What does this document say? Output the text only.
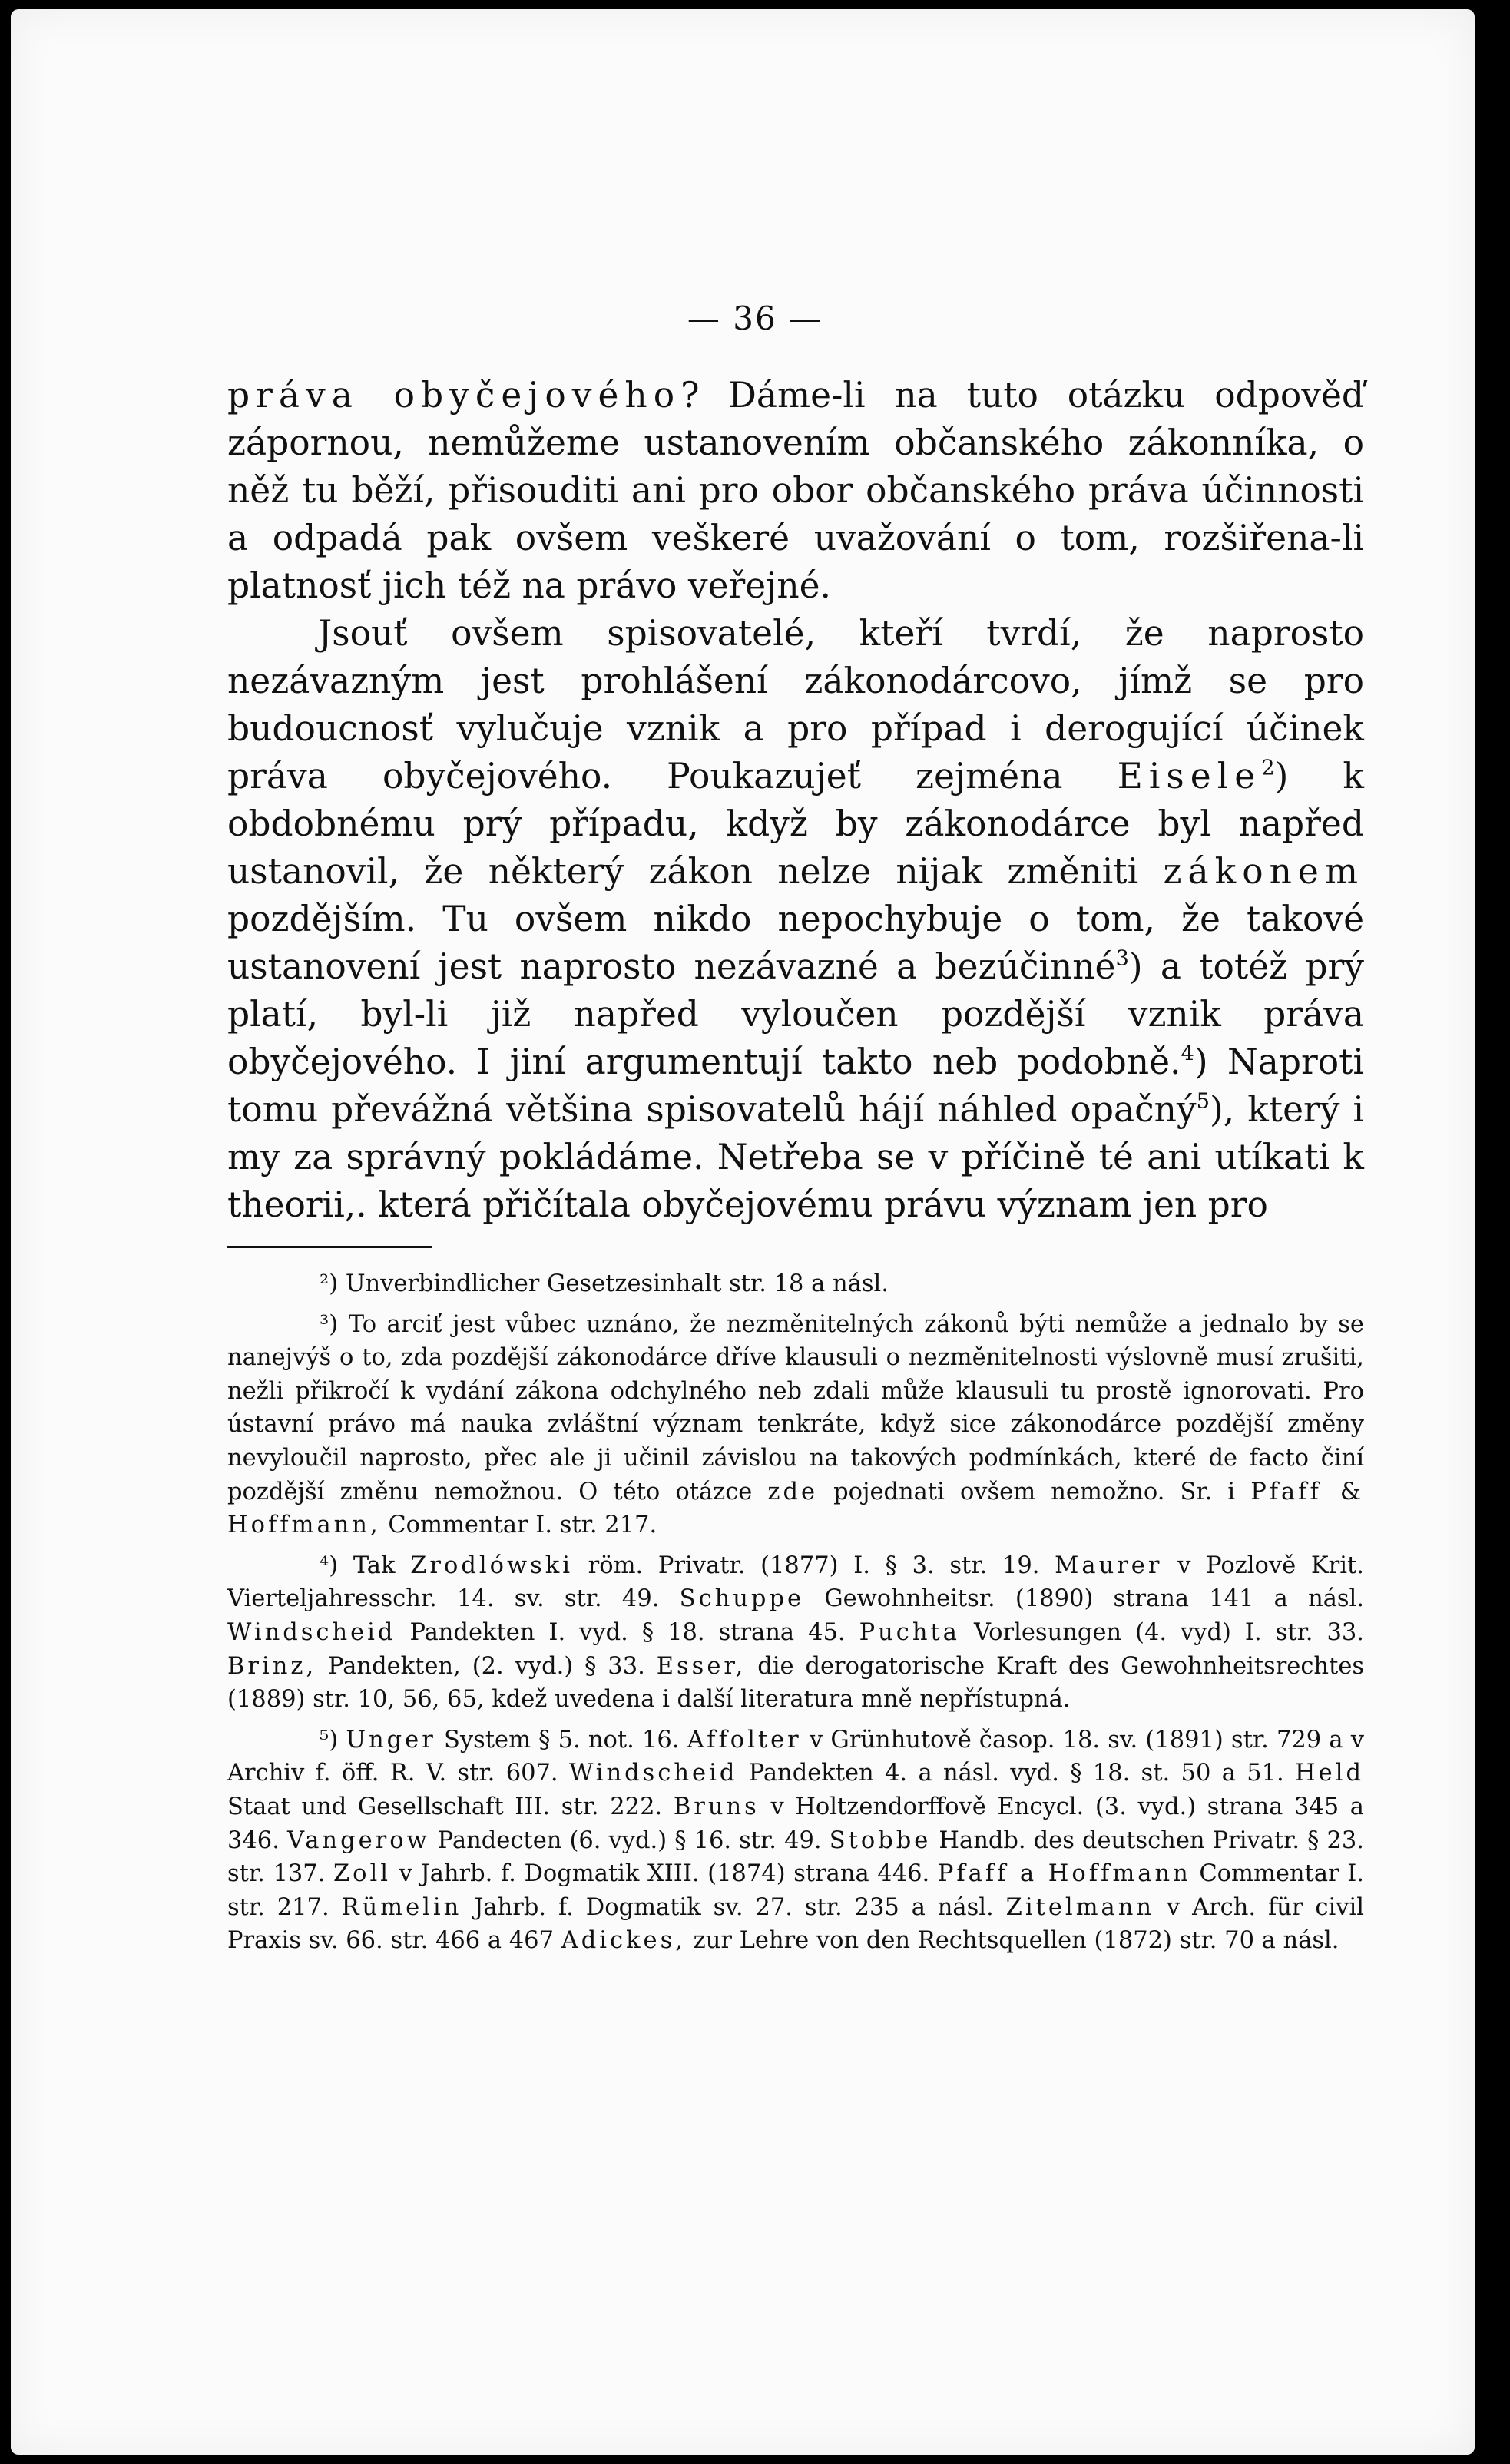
— 36 —

práva obyčejového? Dáme-li na tuto otázku odpověď zápornou, nemůžeme ustanovením občanského zákonníka, o něž tu běží, přisouditi ani pro obor občanského práva účinnosti a odpadá pak ovšem veškeré uvažování o tom, rozšiřena-li platnosť jich též na právo veřejné.

Jsouť ovšem spisovatelé, kteří tvrdí, že naprosto nezávazným jest prohlášení zákonodárcovo, jímž se pro budoucnosť vylučuje vznik a pro případ i derogující účinek práva obyčejového. Poukazujeť zejména Eisele$^2$) k obdobnému prý případu, když by zákonodárce byl napřed ustanovil, že některý zákon nelze nijak změniti zákonem pozdějším. Tu ovšem nikdo nepochybuje o tom, že takové ustanovení jest naprosto nezávazné a bezúčinné$^3$) a totéž prý platí, byl-li již napřed vyloučen pozdější vznik práva obyčejového. I jiní argumentují takto neb podobně.$^4$) Naproti tomu převážná většina spisovatelů hájí náhled opačný$^5$), který i my za správný pokládáme. Netřeba se v příčině té ani utíkati k theorii,. která přičítala obyčejovému právu význam jen pro

²) Unverbindlicher Gesetzesinhalt str. 18 a násl.

³) To arciť jest vůbec uznáno, že nezměnitelných zákonů býti nemůže a jednalo by se nanejvýš o to, zda pozdější zákonodárce dříve klausuli o nezměnitelnosti výslovně musí zrušiti, nežli přikročí k vydání zákona odchylného neb zdali může klausuli tu prostě ignorovati. Pro ústavní právo má nauka zvláštní význam tenkráte, když sice zákonodárce pozdější změny nevyloučil naprosto, přec ale ji učinil závislou na takových podmínkách, které de facto činí pozdější změnu nemožnou. O této otázce zde pojednati ovšem nemožno. Sr. i Pfaff & Hoffmann, Commentar I. str. 217.

⁴) Tak Zrodlówski röm. Privatr. (1877) I. § 3. str. 19. Maurer v Pozlově Krit. Vierteljahresschr. 14. sv. str. 49. Schuppe Gewohnheitsr. (1890) strana 141 a násl. Windscheid Pandekten I. vyd. § 18. strana 45. Puchta Vorlesungen (4. vyd) I. str. 33. Brinz, Pandekten, (2. vyd.) § 33. Esser, die derogatorische Kraft des Gewohnheitsrechtes (1889) str. 10, 56, 65, kdež uvedena i další literatura mně nepřístupná.

⁵) Unger System § 5. not. 16. Affolter v Grünhutově časop. 18. sv. (1891) str. 729 a v Archiv f. öff. R. V. str. 607. Windscheid Pandekten 4. a násl. vyd. § 18. st. 50 a 51. Held Staat und Gesellschaft III. str. 222. Bruns v Holtzendorffově Encycl. (3. vyd.) strana 345 a 346. Vangerow Pandecten (6. vyd.) § 16. str. 49. Stobbe Handb. des deutschen Privatr. § 23. str. 137. Zoll v Jahrb. f. Dogmatik XIII. (1874) strana 446. Pfaff a Hoffmann Commentar I. str. 217. Rümelin Jahrb. f. Dogmatik sv. 27. str. 235 a násl. Zitelmann v Arch. für civil Praxis sv. 66. str. 466 a 467 Adickes, zur Lehre von den Rechtsquellen (1872) str. 70 a násl.
